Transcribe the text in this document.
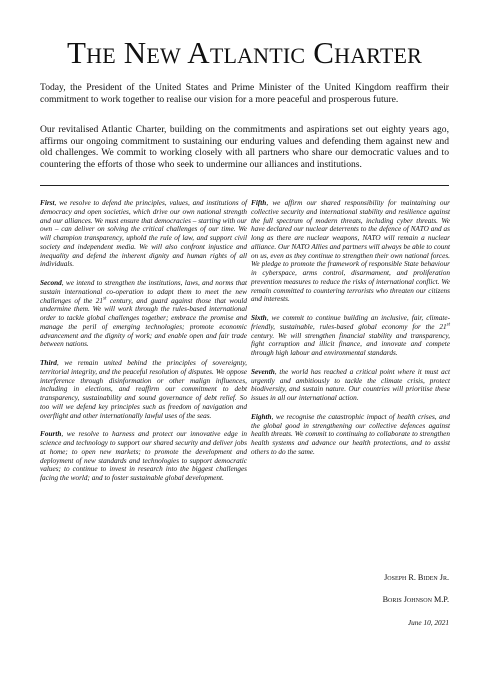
The New Atlantic Charter
Today, the President of the United States and Prime Minister of the United Kingdom reaffirm their commitment to work together to realise our vision for a more peaceful and prosperous future.
Our revitalised Atlantic Charter, building on the commitments and aspirations set out eighty years ago, affirms our ongoing commitment to sustaining our enduring values and defending them against new and old challenges. We commit to working closely with all partners who share our democratic values and to countering the efforts of those who seek to undermine our alliances and institutions.

First, we resolve to defend the principles, values, and institutions of democracy and open societies, which drive our own national strength and our alliances. We must ensure that democracies – starting with our own – can deliver on solving the critical challenges of our time. We will champion transparency, uphold the rule of law, and support civil society and independent media. We will also confront injustice and inequality and defend the inherent dignity and human rights of all individuals.

Second, we intend to strengthen the institutions, laws, and norms that sustain international co-operation to adapt them to meet the new challenges of the 21st century, and guard against those that would undermine them. We will work through the rules-based international order to tackle global challenges together; embrace the promise and manage the peril of emerging technologies; promote economic advancement and the dignity of work; and enable open and fair trade between nations.

Third, we remain united behind the principles of sovereignty, territorial integrity, and the peaceful resolution of disputes. We oppose interference through disinformation or other malign influences, including in elections, and reaffirm our commitment to debt transparency, sustainability and sound governance of debt relief. So too will we defend key principles such as freedom of navigation and overflight and other internationally lawful uses of the seas.

Fourth, we resolve to harness and protect our innovative edge in science and technology to support our shared security and deliver jobs at home; to open new markets; to promote the development and deployment of new standards and technologies to support democratic values; to continue to invest in research into the biggest challenges facing the world; and to foster sustainable global development.

Fifth, we affirm our shared responsibility for maintaining our collective security and international stability and resilience against the full spectrum of modern threats, including cyber threats. We have declared our nuclear deterrents to the defence of NATO and as long as there are nuclear weapons, NATO will remain a nuclear alliance. Our NATO Allies and partners will always be able to count on us, even as they continue to strengthen their own national forces. We pledge to promote the framework of responsible State behaviour in cyberspace, arms control, disarmament, and proliferation prevention measures to reduce the risks of international conflict. We remain committed to countering terrorists who threaten our citizens and interests.

Sixth, we commit to continue building an inclusive, fair, climate-friendly, sustainable, rules-based global economy for the 21st century. We will strengthen financial stability and transparency, fight corruption and illicit finance, and innovate and compete through high labour and environmental standards.

Seventh, the world has reached a critical point where it must act urgently and ambitiously to tackle the climate crisis, protect biodiversity, and sustain nature. Our countries will prioritise these issues in all our international action.

Eighth, we recognise the catastrophic impact of health crises, and the global good in strengthening our collective defences against health threats. We commit to continuing to collaborate to strengthen health systems and advance our health protections, and to assist others to do the same.

Joseph R. Biden Jr.
Boris Johnson M.P.
June 10, 2021
